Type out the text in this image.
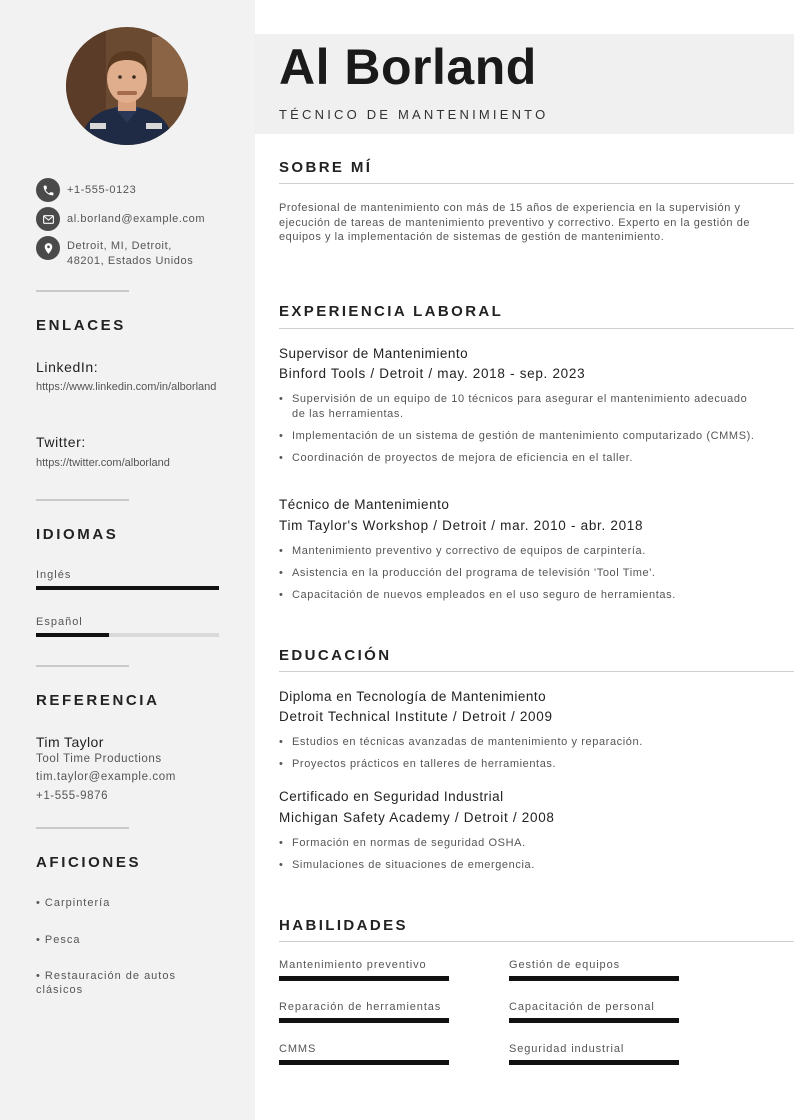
+1-555-0123
al.borland@example.com
Detroit, MI, Detroit,
48201, Estados Unidos
ENLACES
LinkedIn:
https://www.linkedin.com/in/alborland
Twitter:
https://twitter.com/alborland
IDIOMAS
Inglés
Español
REFERENCIA
Tim Taylor
Tool Time Productions
tim.taylor@example.com
+1-555-9876
AFICIONES
• Carpintería
• Pesca
• Restauración de autos clásicos
Al Borland
TÉCNICO DE MANTENIMIENTO
SOBRE MÍ
Profesional de mantenimiento con más de 15 años de experiencia en la supervisión y ejecución de tareas de mantenimiento preventivo y correctivo. Experto en la gestión de equipos y la implementación de sistemas de gestión de mantenimiento.
EXPERIENCIA LABORAL
Supervisor de Mantenimiento
Binford Tools / Detroit / may. 2018 - sep. 2023
• Supervisión de un equipo de 10 técnicos para asegurar el mantenimiento adecuado de las herramientas.
• Implementación de un sistema de gestión de mantenimiento computarizado (CMMS).
• Coordinación de proyectos de mejora de eficiencia en el taller.
Técnico de Mantenimiento
Tim Taylor's Workshop / Detroit / mar. 2010 - abr. 2018
• Mantenimiento preventivo y correctivo de equipos de carpintería.
• Asistencia en la producción del programa de televisión 'Tool Time'.
• Capacitación de nuevos empleados en el uso seguro de herramientas.
EDUCACIÓN
Diploma en Tecnología de Mantenimiento
Detroit Technical Institute / Detroit / 2009
• Estudios en técnicas avanzadas de mantenimiento y reparación.
• Proyectos prácticos en talleres de herramientas.
Certificado en Seguridad Industrial
Michigan Safety Academy / Detroit / 2008
• Formación en normas de seguridad OSHA.
• Simulaciones de situaciones de emergencia.
HABILIDADES
Mantenimiento preventivo	Gestión de equipos
Reparación de herramientas	Capacitación de personal
CMMS	Seguridad industrial
